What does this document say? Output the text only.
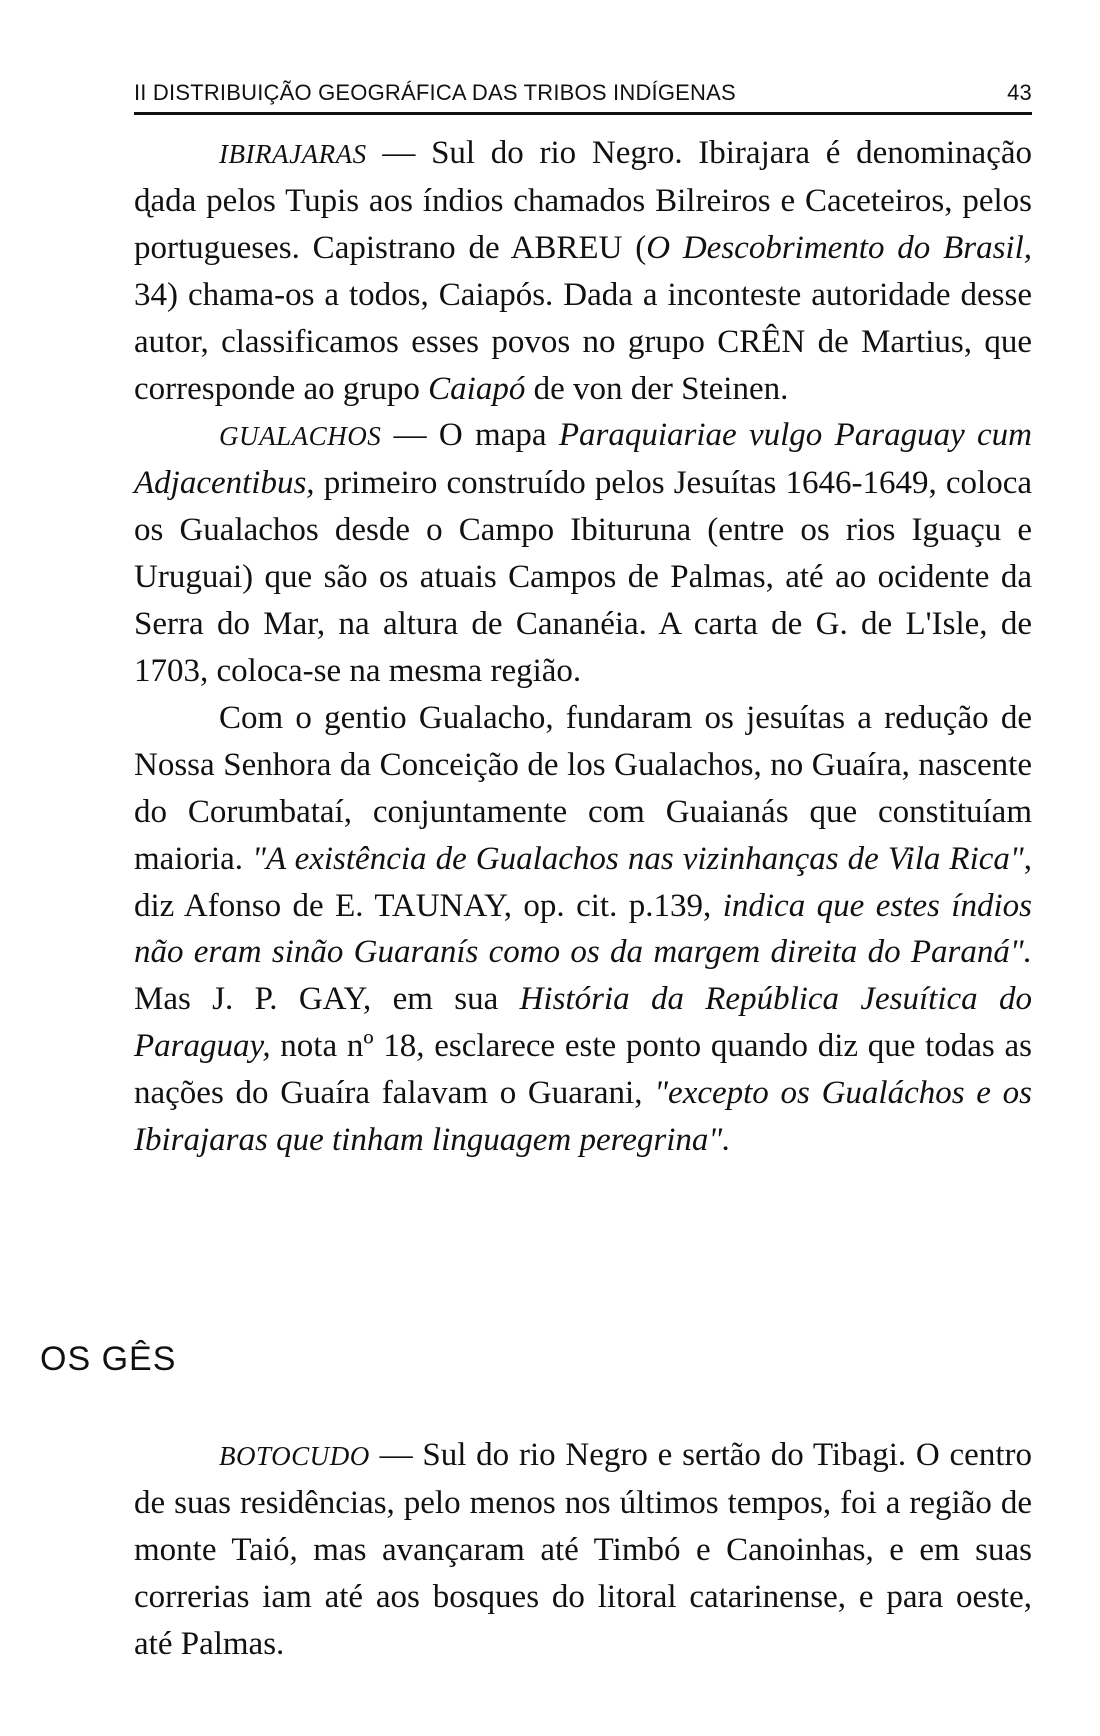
II DISTRIBUIÇÃO GEOGRÁFICA DAS TRIBOS INDÍGENAS	43

IBIRAJARAS — Sul do rio Negro. Ibirajara é denominação d̨ada pelos Tupis aos índios chamados Bilreiros e Caceteiros, pelos portugueses. Capistrano de ABREU (O Descobrimento do Brasil, 34) chama-os a todos, Caiapós. Dada a inconteste autoridade desse autor, classificamos esses povos no grupo CRÊN de Martius, que corresponde ao grupo Caiapó de von der Steinen.

GUALACHOS — O mapa Paraquiariae vulgo Paraguay cum Adjacentibus, primeiro construído pelos Jesuítas 1646-1649, coloca os Gualachos desde o Campo Ibituruna (entre os rios Iguaçu e Uruguai) que são os atuais Campos de Palmas, até ao ocidente da Serra do Mar, na altura de Cananéia. A carta de G. de L'Isle, de 1703, coloca-se na mesma região.

Com o gentio Gualacho, fundaram os jesuítas a redução de Nossa Senhora da Conceição de los Gualachos, no Guaíra, nascente do Corumbataí, conjuntamente com Guaianás que constituíam maioria. "A existência de Gualachos nas vizinhanças de Vila Rica", diz Afonso de E. TAUNAY, op. cit. p.139, indica que estes índios não eram sinão Guaranís como os da margem direita do Paraná". Mas J. P. GAY, em sua História da República Jesuítica do Paraguay, nota nº 18, esclarece este ponto quando diz que todas as nações do Guaíra falavam o Guarani, "excepto os Gualáchos e os Ibirajaras que tinham linguagem peregrina".

OS GÊS

BOTOCUDO — Sul do rio Negro e sertão do Tibagi. O centro de suas residências, pelo menos nos últimos tempos, foi a região de monte Taió, mas avançaram até Timbó e Canoinhas, e em suas correrias iam até aos bosques do litoral catarinense, e para oeste, até Palmas.
